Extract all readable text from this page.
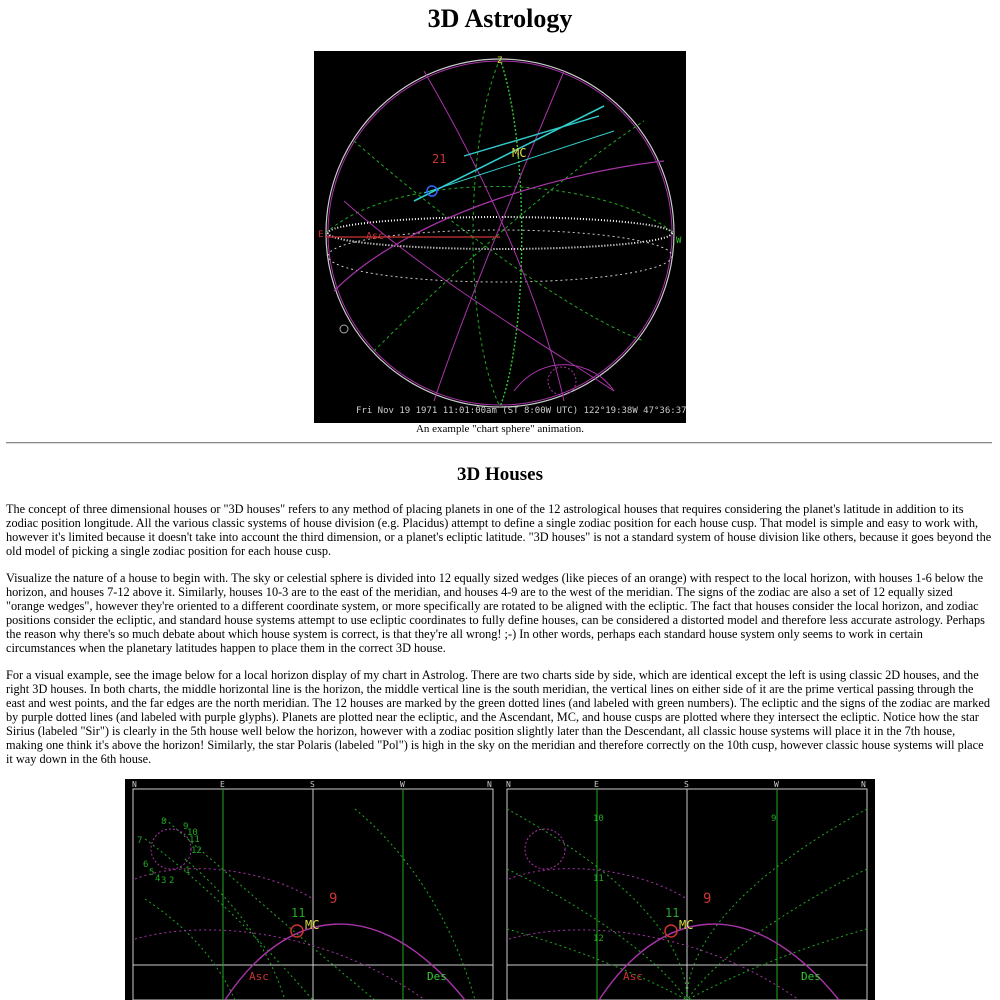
3D Astrology
21	MC
Asc
Z
E
W
Fri Nov 19 1971 11:01:00am (ST 8:00W UTC) 122°19:38W 47°36:37N
An example "chart sphere" animation.
3D Houses

The concept of three dimensional houses or "3D houses" refers to any method of placing planets in one of the 12 astrological houses that requires considering the planet's latitude in addition to its zodiac position longitude. All the various classic systems of house division (e.g. Placidus) attempt to define a single zodiac position for each house cusp. That model is simple and easy to work with, however it's limited because it doesn't take into account the third dimension, or a planet's ecliptic latitude. "3D houses" is not a standard system of house division like others, because it goes beyond the old model of picking a single zodiac position for each house cusp.

Visualize the nature of a house to begin with. The sky or celestial sphere is divided into 12 equally sized wedges (like pieces of an orange) with respect to the local horizon, with houses 1-6 below the horizon, and houses 7-12 above it. Similarly, houses 10-3 are to the east of the meridian, and houses 4-9 are to the west of the meridian. The signs of the zodiac are also a set of 12 equally sized "orange wedges", however they're oriented to a different coordinate system, or more specifically are rotated to be aligned with the ecliptic. The fact that houses consider the local horizon, and zodiac positions consider the ecliptic, and standard house systems attempt to use ecliptic coordinates to fully define houses, can be considered a distorted model and therefore less accurate astrology. Perhaps the reason why there's so much debate about which house system is correct, is that they're all wrong! ;-) In other words, perhaps each standard house system only seems to work in certain circumstances when the planetary latitudes happen to place them in the correct 3D house.

For a visual example, see the image below for a local horizon display of my chart in Astrolog. There are two charts side by side, which are identical except the left is using classic 2D houses, and the right 3D houses. In both charts, the middle horizontal line is the horizon, the middle vertical line is the south meridian, the vertical lines on either side of it are the prime vertical passing through the east and west points, and the far edges are the north meridian. The 12 houses are marked by the green dotted lines (and labeled with green numbers). The ecliptic and the signs of the zodiac are marked by purple dotted lines (and labeled with purple glyphs). Planets are plotted near the ecliptic, and the Ascendant, MC, and house cusps are plotted where they intersect the ecliptic. Notice how the star Sirius (labeled "Sir") is clearly in the 5th house well below the horizon, however with a zodiac position slightly later than the Descendant, all classic house systems will place it in the 7th house, making one think it's above the horizon! Similarly, the star Polaris (labeled "Pol") is high in the sky on the meridian and therefore correctly on the 10th cusp, however classic house systems will place it way down in the 6th house.

N	E	S	W	N
8 9
10
11
12
7
6
5
4 3 2
1
11
MC
9
Asc	Des
N	E	S	W	N
10	9
11
12
11
MC
9
Asc	Des
